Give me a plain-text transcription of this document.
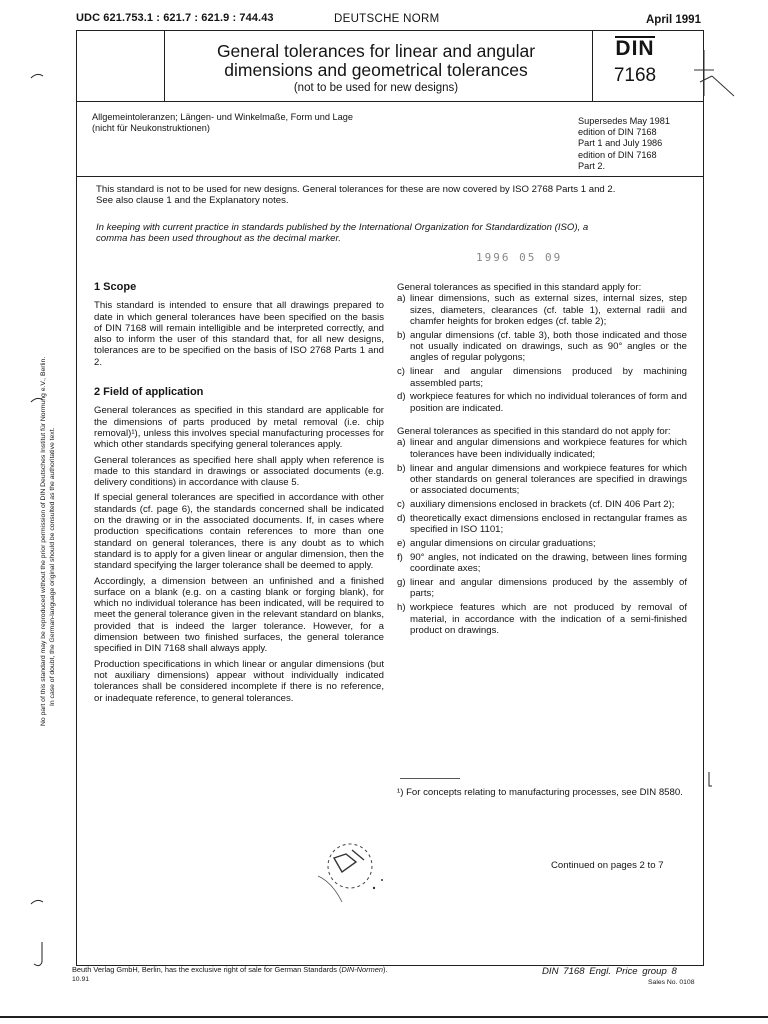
UDC 621.753.1 : 621.7 : 621.9 : 744.43	DEUTSCHE NORM	April 1991
General tolerances for linear and angular
dimensions and geometrical tolerances
(not to be used for new designs)
DIN
7168
Allgemeintoleranzen; Längen- und Winkelmaße, Form und Lage
(nicht für Neukonstruktionen)
Supersedes May 1981
edition of DIN 7168
Part 1 and July 1986
edition of DIN 7168
Part 2.
This standard is not to be used for new designs. General tolerances for these are now covered by ISO 2768 Parts 1 and 2.
See also clause 1 and the Explanatory notes.
In keeping with current practice in standards published by the International Organization for Standardization (ISO), a
comma has been used throughout as the decimal marker.
1996 05 09
No part of this standard may be reproduced without the prior permission of DIN Deutsches Institut für Normung e.V., Berlin. In case of doubt, the German-language original should be consulted as the authoritative text.
1 Scope
This standard is intended to ensure that all drawings prepared to date in which general tolerances have been specified on the basis of DIN 7168 will remain intelligible and be interpreted correctly, and also to inform the user of this standard that, for all new designs, tolerances are to be specified on the basis of ISO 2768 Parts 1 and 2.
2 Field of application
General tolerances as specified in this standard are applicable for the dimensions of parts produced by metal removal (i.e. chip removal)¹), unless this involves special manufacturing processes for which other standards specifying general tolerances apply.
General tolerances as specified here shall apply when reference is made to this standard in drawings or associated documents (e.g. delivery conditions) in accordance with clause 5.
If special general tolerances are specified in accordance with other standards (cf. page 6), the standards concerned shall be indicated on the drawing or in the associated documents. If, in cases where production specifications contain references to more than one standard on general tolerances, there is any doubt as to which standard is to apply for a given linear or angular dimension, then the standard specifying the larger tolerance shall be deemed to apply.
Accordingly, a dimension between an unfinished and a finished surface on a blank (e.g. on a casting blank or forging blank), for which no individual tolerance has been indicated, will be required to meet the general tolerance given in the relevant standard on blanks, provided that is indeed the larger tolerance. However, for a dimension between two finished surfaces, the general tolerance specified in DIN 7168 shall always apply.
Production specifications in which linear or angular dimensions (but not auxiliary dimensions) appear without individually indicated tolerances shall be considered incomplete if there is no reference, or inadequate reference, to general tolerances.
General tolerances as specified in this standard apply for:
a) linear dimensions, such as external sizes, internal sizes, step sizes, diameters, clearances (cf. table 1), external radii and chamfer heights for broken edges (cf. table 2);
b) angular dimensions (cf. table 3), both those indicated and those not usually indicated on drawings, such as 90° angles or the angles of regular polygons;
c) linear and angular dimensions produced by machining assembled parts;
d) workpiece features for which no individual tolerances of form and position are indicated.
General tolerances as specified in this standard do not apply for:
a) linear and angular dimensions and workpiece features for which tolerances have been individually indicated;
b) linear and angular dimensions and workpiece features for which other standards on general tolerances are specified in drawings or associated documents;
c) auxiliary dimensions enclosed in brackets (cf. DIN 406 Part 2);
d) theoretically exact dimensions enclosed in rectangular frames as specified in ISO 1101;
e) angular dimensions on circular graduations;
f) 90° angles, not indicated on the drawing, between lines forming coordinate axes;
g) linear and angular dimensions produced by the assembly of parts;
h) workpiece features which are not produced by removal of material, in accordance with the indication of a semi-finished product on drawings.
¹) For concepts relating to manufacturing processes, see DIN 8580.
Continued on pages 2 to 7
Beuth Verlag GmbH, Berlin, has the exclusive right of sale for German Standards (DIN-Normen).
10.91
DIN 7168 Engl. Price group 8
Sales No. 0108
